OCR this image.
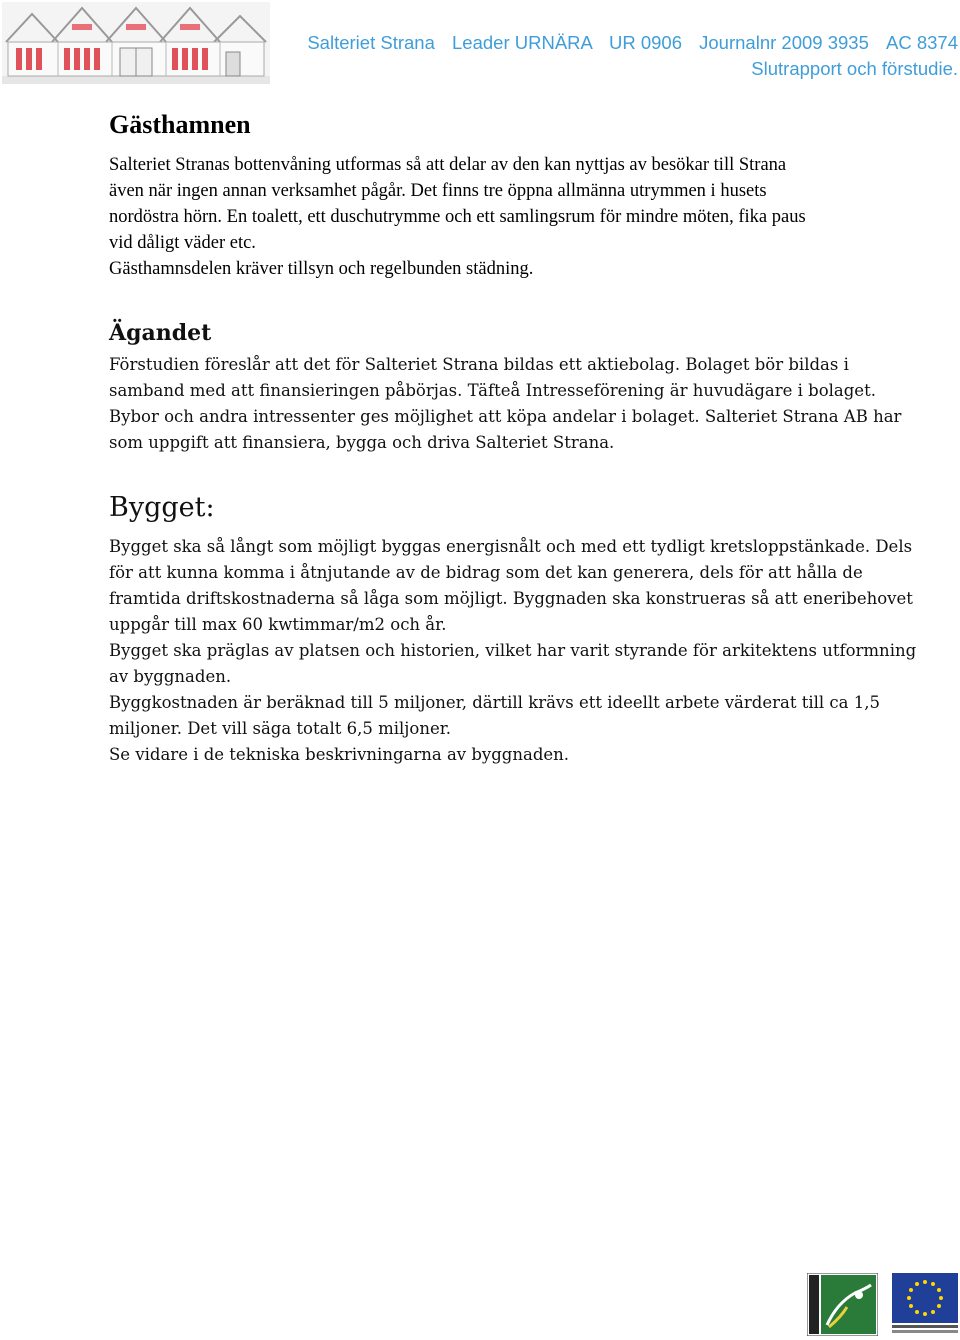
Salteriet Strana Leader URNÄRA UR 0906 Journalnr 2009 3935 AC 8374
Slutrapport och förstudie.
Gästhamnen

Salteriet Stranas bottenvåning utformas så att delar av den kan nyttjas av besökar till Strana

även när ingen annan verksamhet pågår. Det finns tre öppna allmänna utrymmen i husets

nordöstra hörn. En toalett, ett duschutrymme och ett samlingsrum för mindre möten, fika paus

vid dåligt väder etc.

Gästhamnsdelen kräver tillsyn och regelbunden städning.

Ägandet

Förstudien föreslår att det för Salteriet Strana bildas ett aktiebolag. Bolaget bör bildas i

samband med att finansieringen påbörjas. Täfteå Intresseförening är huvudägare i bolaget.

Bybor och andra intressenter ges möjlighet att köpa andelar i bolaget. Salteriet Strana AB har

som uppgift att finansiera, bygga och driva Salteriet Strana.

Bygget:

Bygget ska så långt som möjligt byggas energisnålt och med ett tydligt kretsloppstänkade. Dels

för att kunna komma i åtnjutande av de bidrag som det kan generera, dels för att hålla de

framtida driftskostnaderna så låga som möjligt. Byggnaden ska konstrueras så att eneribehovet

uppgår till max 60 kwtimmar/m2 och år.

Bygget ska präglas av platsen och historien, vilket har varit styrande för arkitektens utformning

av byggnaden.

Byggkostnaden är beräknad till 5 miljoner, därtill krävs ett ideellt arbete värderat till ca 1,5

miljoner. Det vill säga totalt 6,5 miljoner.

Se vidare i de tekniska beskrivningarna av byggnaden.
